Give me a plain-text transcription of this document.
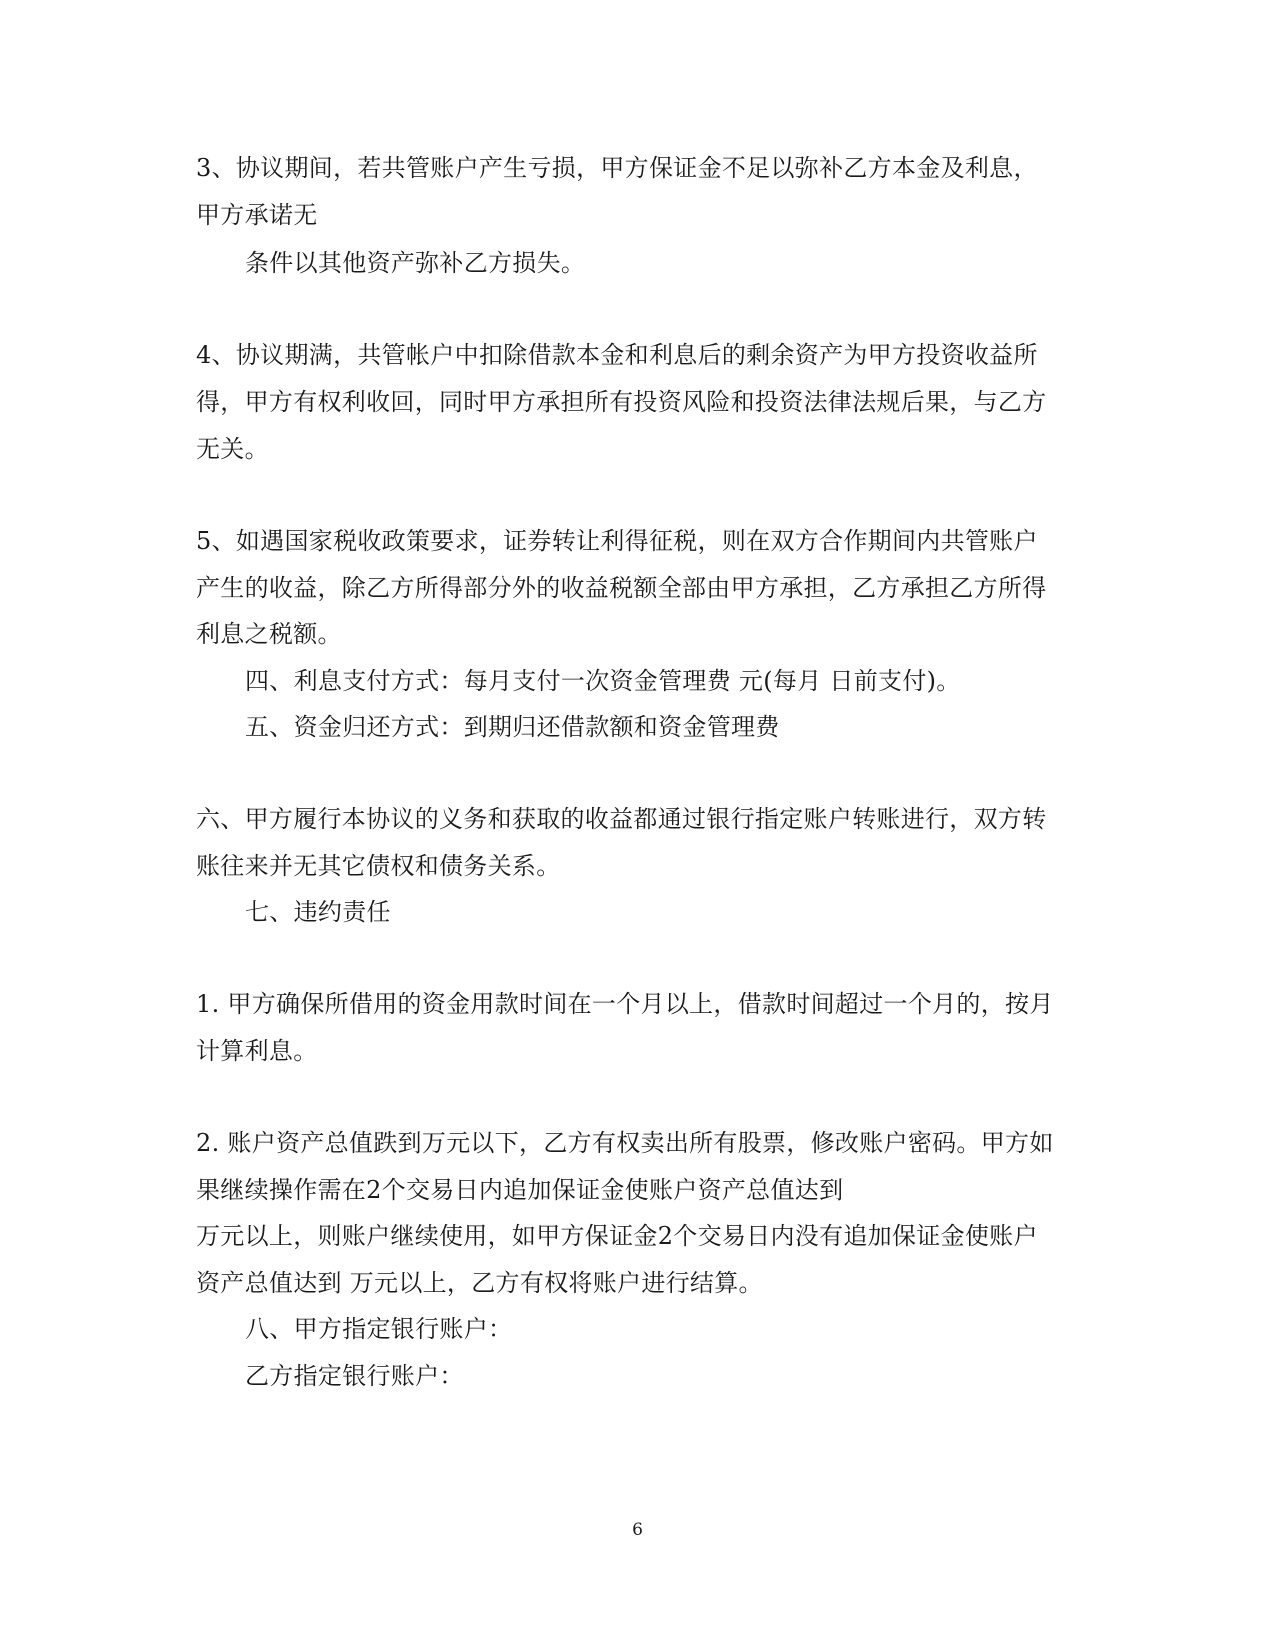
3、协议期间，若共管账户产生亏损，甲方保证金不足以弥补乙方本金及利息，
甲方承诺无
条件以其他资产弥补乙方损失。
4、协议期满，共管帐户中扣除借款本金和利息后的剩余资产为甲方投资收益所
得，甲方有权利收回，同时甲方承担所有投资风险和投资法律法规后果，与乙方
无关。
5、如遇国家税收政策要求，证券转让利得征税，则在双方合作期间内共管账户
产生的收益，除乙方所得部分外的收益税额全部由甲方承担，乙方承担乙方所得
利息之税额。
四、利息支付方式：每月支付一次资金管理费 元(每月 日前支付)。
五、资金归还方式：到期归还借款额和资金管理费
六、甲方履行本协议的义务和获取的收益都通过银行指定账户转账进行，双方转
账往来并无其它债权和债务关系。
七、违约责任
1. 甲方确保所借用的资金用款时间在一个月以上，借款时间超过一个月的，按月
计算利息。
2. 账户资产总值跌到万元以下，乙方有权卖出所有股票，修改账户密码。甲方如
果继续操作需在2个交易日内追加保证金使账户资产总值达到
万元以上，则账户继续使用，如甲方保证金2个交易日内没有追加保证金使账户
资产总值达到 万元以上，乙方有权将账户进行结算。
八、甲方指定银行账户：
乙方指定银行账户：
6
